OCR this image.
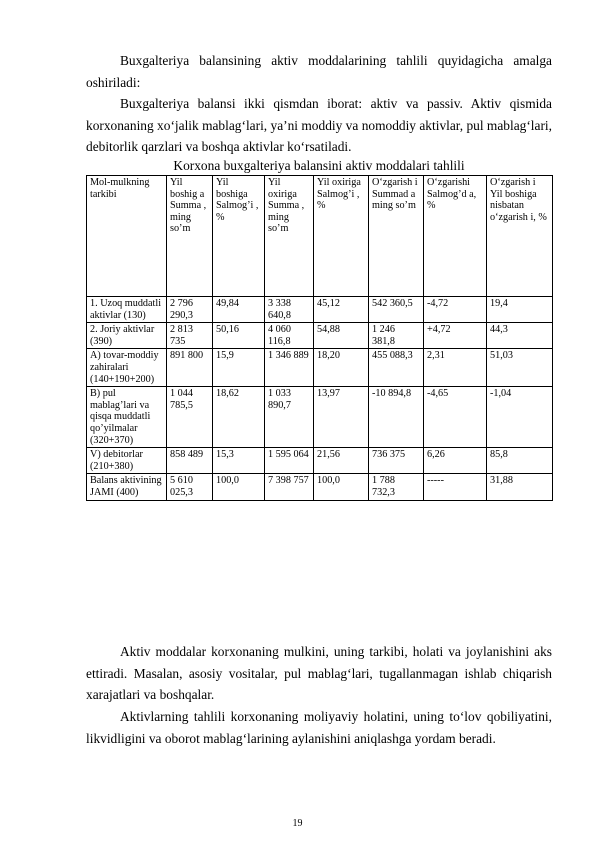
Buxgalteriya balansining aktiv moddalarining tahlili quyidagicha amalga oshiriladi:

Buxgalteriya balansi ikki qismdan iborat: aktiv va passiv. Aktiv qismida korxonaning xo‘jalik mablag‘lari, ya’ni moddiy va nomoddiy aktivlar, pul mablag‘lari, debitorlik qarzlari va boshqa aktivlar ko‘rsatiladi.

Korxona buxgalteriya balansini aktiv moddalari tahlili
Mol-mulkning tarkibi	Yil boshig a Summa , ming so’m	Yil boshiga Salmog’i , %	Yil oxiriga Summa , ming so’m	Yil oxiriga Salmog’i , %	O‘zgarish i Summad a ming so’m	O‘zgarishi Salmog’d a, %	O‘zgarish i Yil boshiga nisbatan o‘zgarish i, %
1. Uzoq muddatli aktivlar (130)	2 796 290,3	49,84	3 338 640,8	45,12	542 360,5	-4,72	19,4
2. Joriy aktivlar (390)	2 813 735	50,16	4 060 116,8	54,88	1 246 381,8	+4,72	44,3
A) tovar-moddiy zahiralari (140+190+200)	891 800	15,9	1 346 889	18,20	455 088,3	2,31	51,03
B) pul mablag’lari va qisqa muddatli qo’yilmalar (320+370)	1 044 785,5	18,62	1 033 890,7	13,97	-10 894,8	-4,65	-1,04
V) debitorlar (210+380)	858 489	15,3	1 595 064	21,56	736 375	6,26	85,8
Balans aktivining JAMI (400)	5 610 025,3	100,0	7 398 757	100,0	1 788 732,3	-----	31,88

Aktiv moddalar korxonaning mulkini, uning tarkibi, holati va joylanishini aks ettiradi. Masalan, asosiy vositalar, pul mablag‘lari, tugallanmagan ishlab chiqarish xarajatlari va boshqalar.

Aktivlarning tahlili korxonaning moliyaviy holatini, uning to‘lov qobiliyatini, likvidligini va oborot mablag‘larining aylanishini aniqlashga yordam beradi.

19
